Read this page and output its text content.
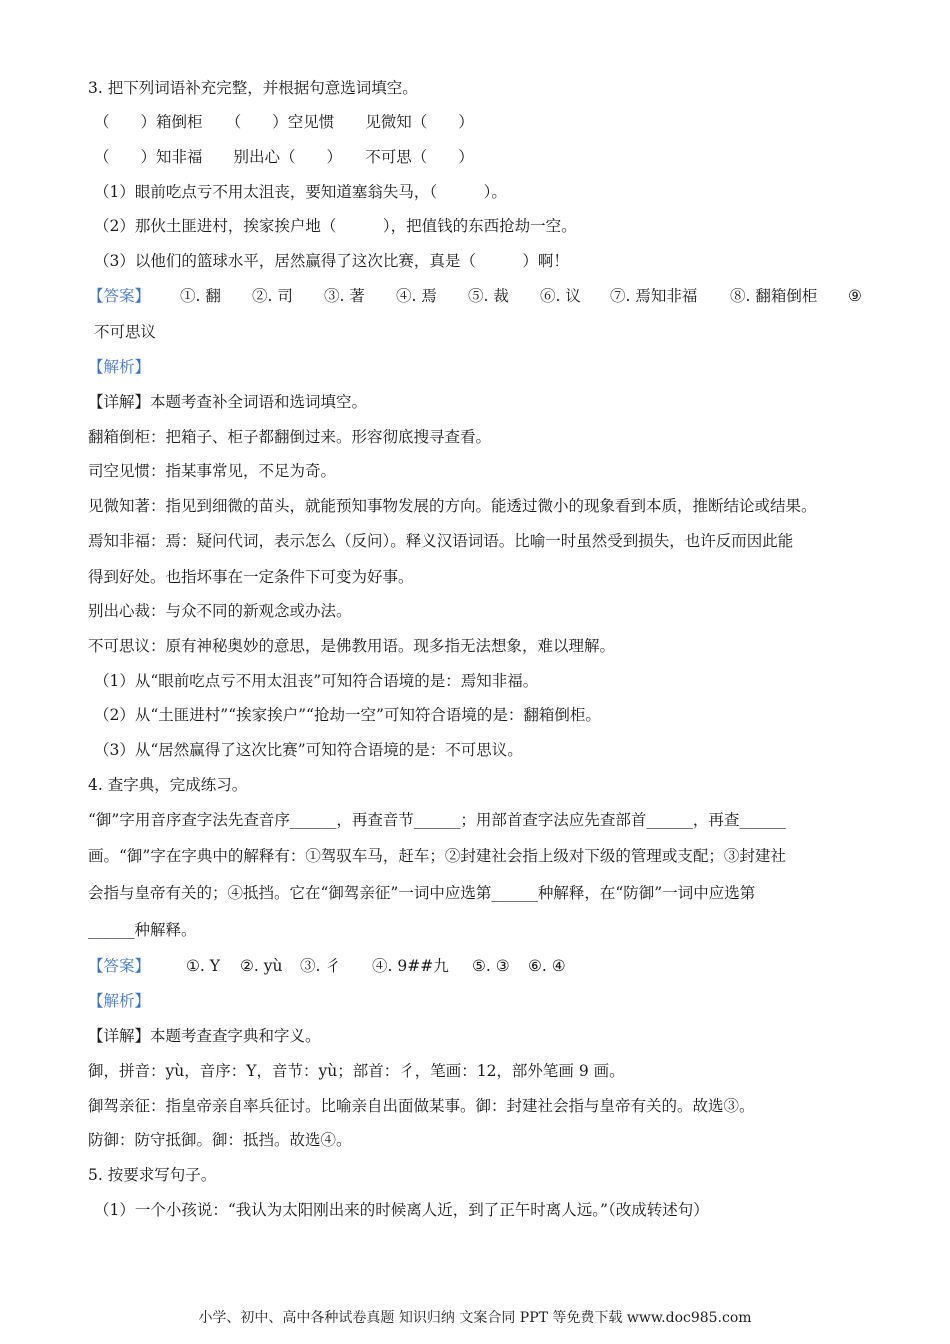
3. 把下列词语补充完整，并根据句意选词填空。
（　　）箱倒柜　　（　　）空见惯　　见微知（　　）
（　　）知非福　　别出心（　　）　　不可思（　　）
（1）眼前吃点亏不用太沮丧，要知道塞翁失马，（　　　）。
（2）那伙土匪进村，挨家挨户地（　　　），把值钱的东西抢劫一空。
（3）以他们的篮球水平，居然赢得了这次比赛，真是（　　　）啊！
【答案】 ①. 翻 ②. 司 ③. 著 ④. 焉 ⑤. 裁 ⑥. 议 ⑦. 焉知非福 ⑧. 翻箱倒柜 ⑨
不可思议
【解析】
【详解】本题考查补全词语和选词填空。
翻箱倒柜：把箱子、柜子都翻倒过来。形容彻底搜寻查看。
司空见惯：指某事常见，不足为奇。
见微知著：指见到细微的苗头，就能预知事物发展的方向。能透过微小的现象看到本质，推断结论或结果。
焉知非福：焉：疑问代词，表示怎么（反问）。释义汉语词语。比喻一时虽然受到损失，也许反而因此能
得到好处。也指坏事在一定条件下可变为好事。
别出心裁：与众不同的新观念或办法。
不可思议：原有神秘奥妙的意思，是佛教用语。现多指无法想象，难以理解。
（1）从“眼前吃点亏不用太沮丧”可知符合语境的是：焉知非福。
（2）从“土匪进村”“挨家挨户”“抢劫一空”可知符合语境的是：翻箱倒柜。
（3）从“居然赢得了这次比赛”可知符合语境的是：不可思议。
4. 查字典，完成练习。
“御”字用音序查字法先查音序______，再查音节______；用部首查字法应先查部首______，再查______
画。“御”字在字典中的解释有：①驾驭车马，赶车；②封建社会指上级对下级的管理或支配；③封建社
会指与皇帝有关的；④抵挡。它在“御驾亲征”一词中应选第______种解释，在“防御”一词中应选第
______种解释。
【答案】 ①. Y ②. yù ③. 彳 ④. 9##九 ⑤. ③ ⑥. ④
【解析】
【详解】本题考查查字典和字义。
御，拼音：yù，音序：Y，音节：yù；部首：彳，笔画：12，部外笔画 9 画。
御驾亲征：指皇帝亲自率兵征讨。比喻亲自出面做某事。御：封建社会指与皇帝有关的。故选③。
防御：防守抵御。御：抵挡。故选④。
5. 按要求写句子。
（1）一个小孩说：“我认为太阳刚出来的时候离人近，到了正午时离人远。”（改成转述句）
小学、初中、高中各种试卷真题 知识归纳 文案合同 PPT 等免费下载 www.doc985.com
